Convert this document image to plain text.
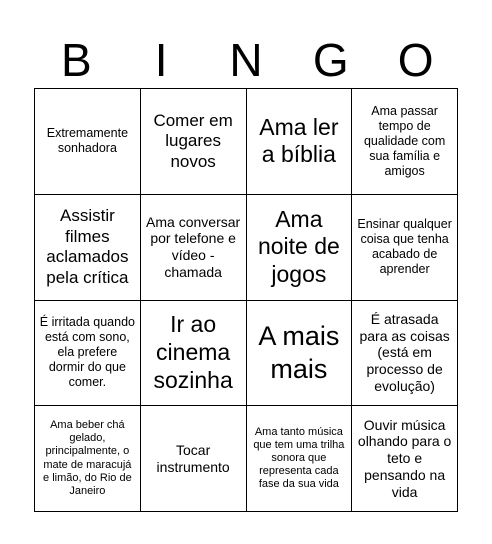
B I N G O
Extremamente sonhadora
Comer em lugares novos
Ama ler a bíblia
Ama passar tempo de qualidade com sua família e amigos
Assistir filmes aclamados pela crítica
Ama conversar por telefone e vídeo - chamada
Ama noite de jogos
Ensinar qualquer coisa que tenha acabado de aprender
É irritada quando está com sono, ela prefere dormir do que comer.
Ir ao cinema sozinha
A mais mais
É atrasada para as coisas (está em processo de evolução)
Ama beber chá gelado, principalmente, o mate de maracujá e limão, do Rio de Janeiro
Tocar instrumento
Ama tanto música que tem uma trilha sonora que representa cada fase da sua vida
Ouvir música olhando para o teto e pensando na vida
